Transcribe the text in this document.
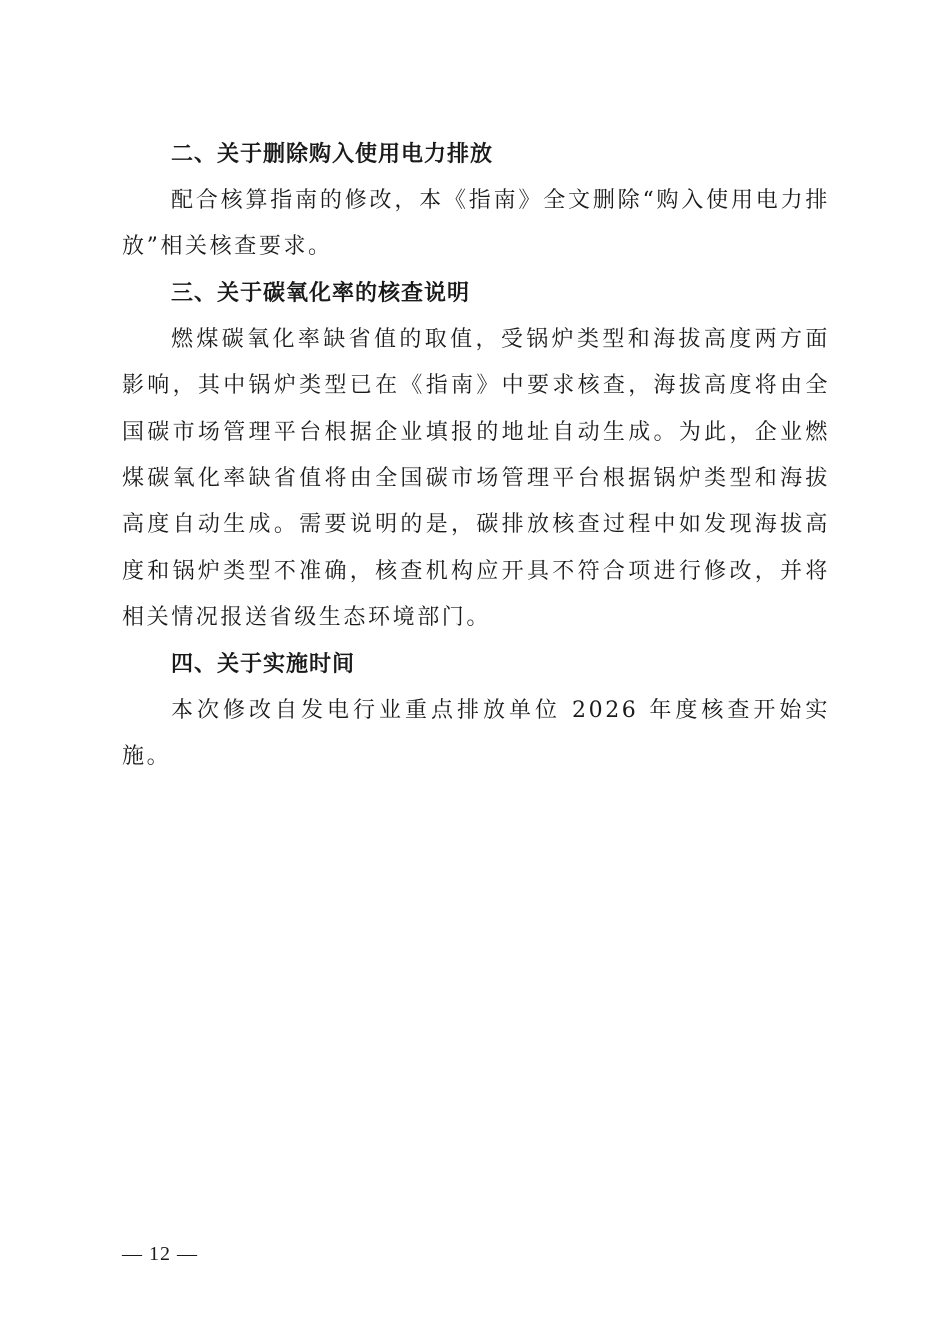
二、关于删除购入使用电力排放

配合核算指南的修改，本《指南》全文删除“购入使用电力排放”相关核查要求。

三、关于碳氧化率的核查说明

燃煤碳氧化率缺省值的取值，受锅炉类型和海拔高度两方面影响，其中锅炉类型已在《指南》中要求核查，海拔高度将由全国碳市场管理平台根据企业填报的地址自动生成。为此，企业燃煤碳氧化率缺省值将由全国碳市场管理平台根据锅炉类型和海拔高度自动生成。需要说明的是，碳排放核查过程中如发现海拔高度和锅炉类型不准确，核查机构应开具不符合项进行修改，并将相关情况报送省级生态环境部门。

四、关于实施时间

本次修改自发电行业重点排放单位 2026 年度核查开始实施。

— 12 —
